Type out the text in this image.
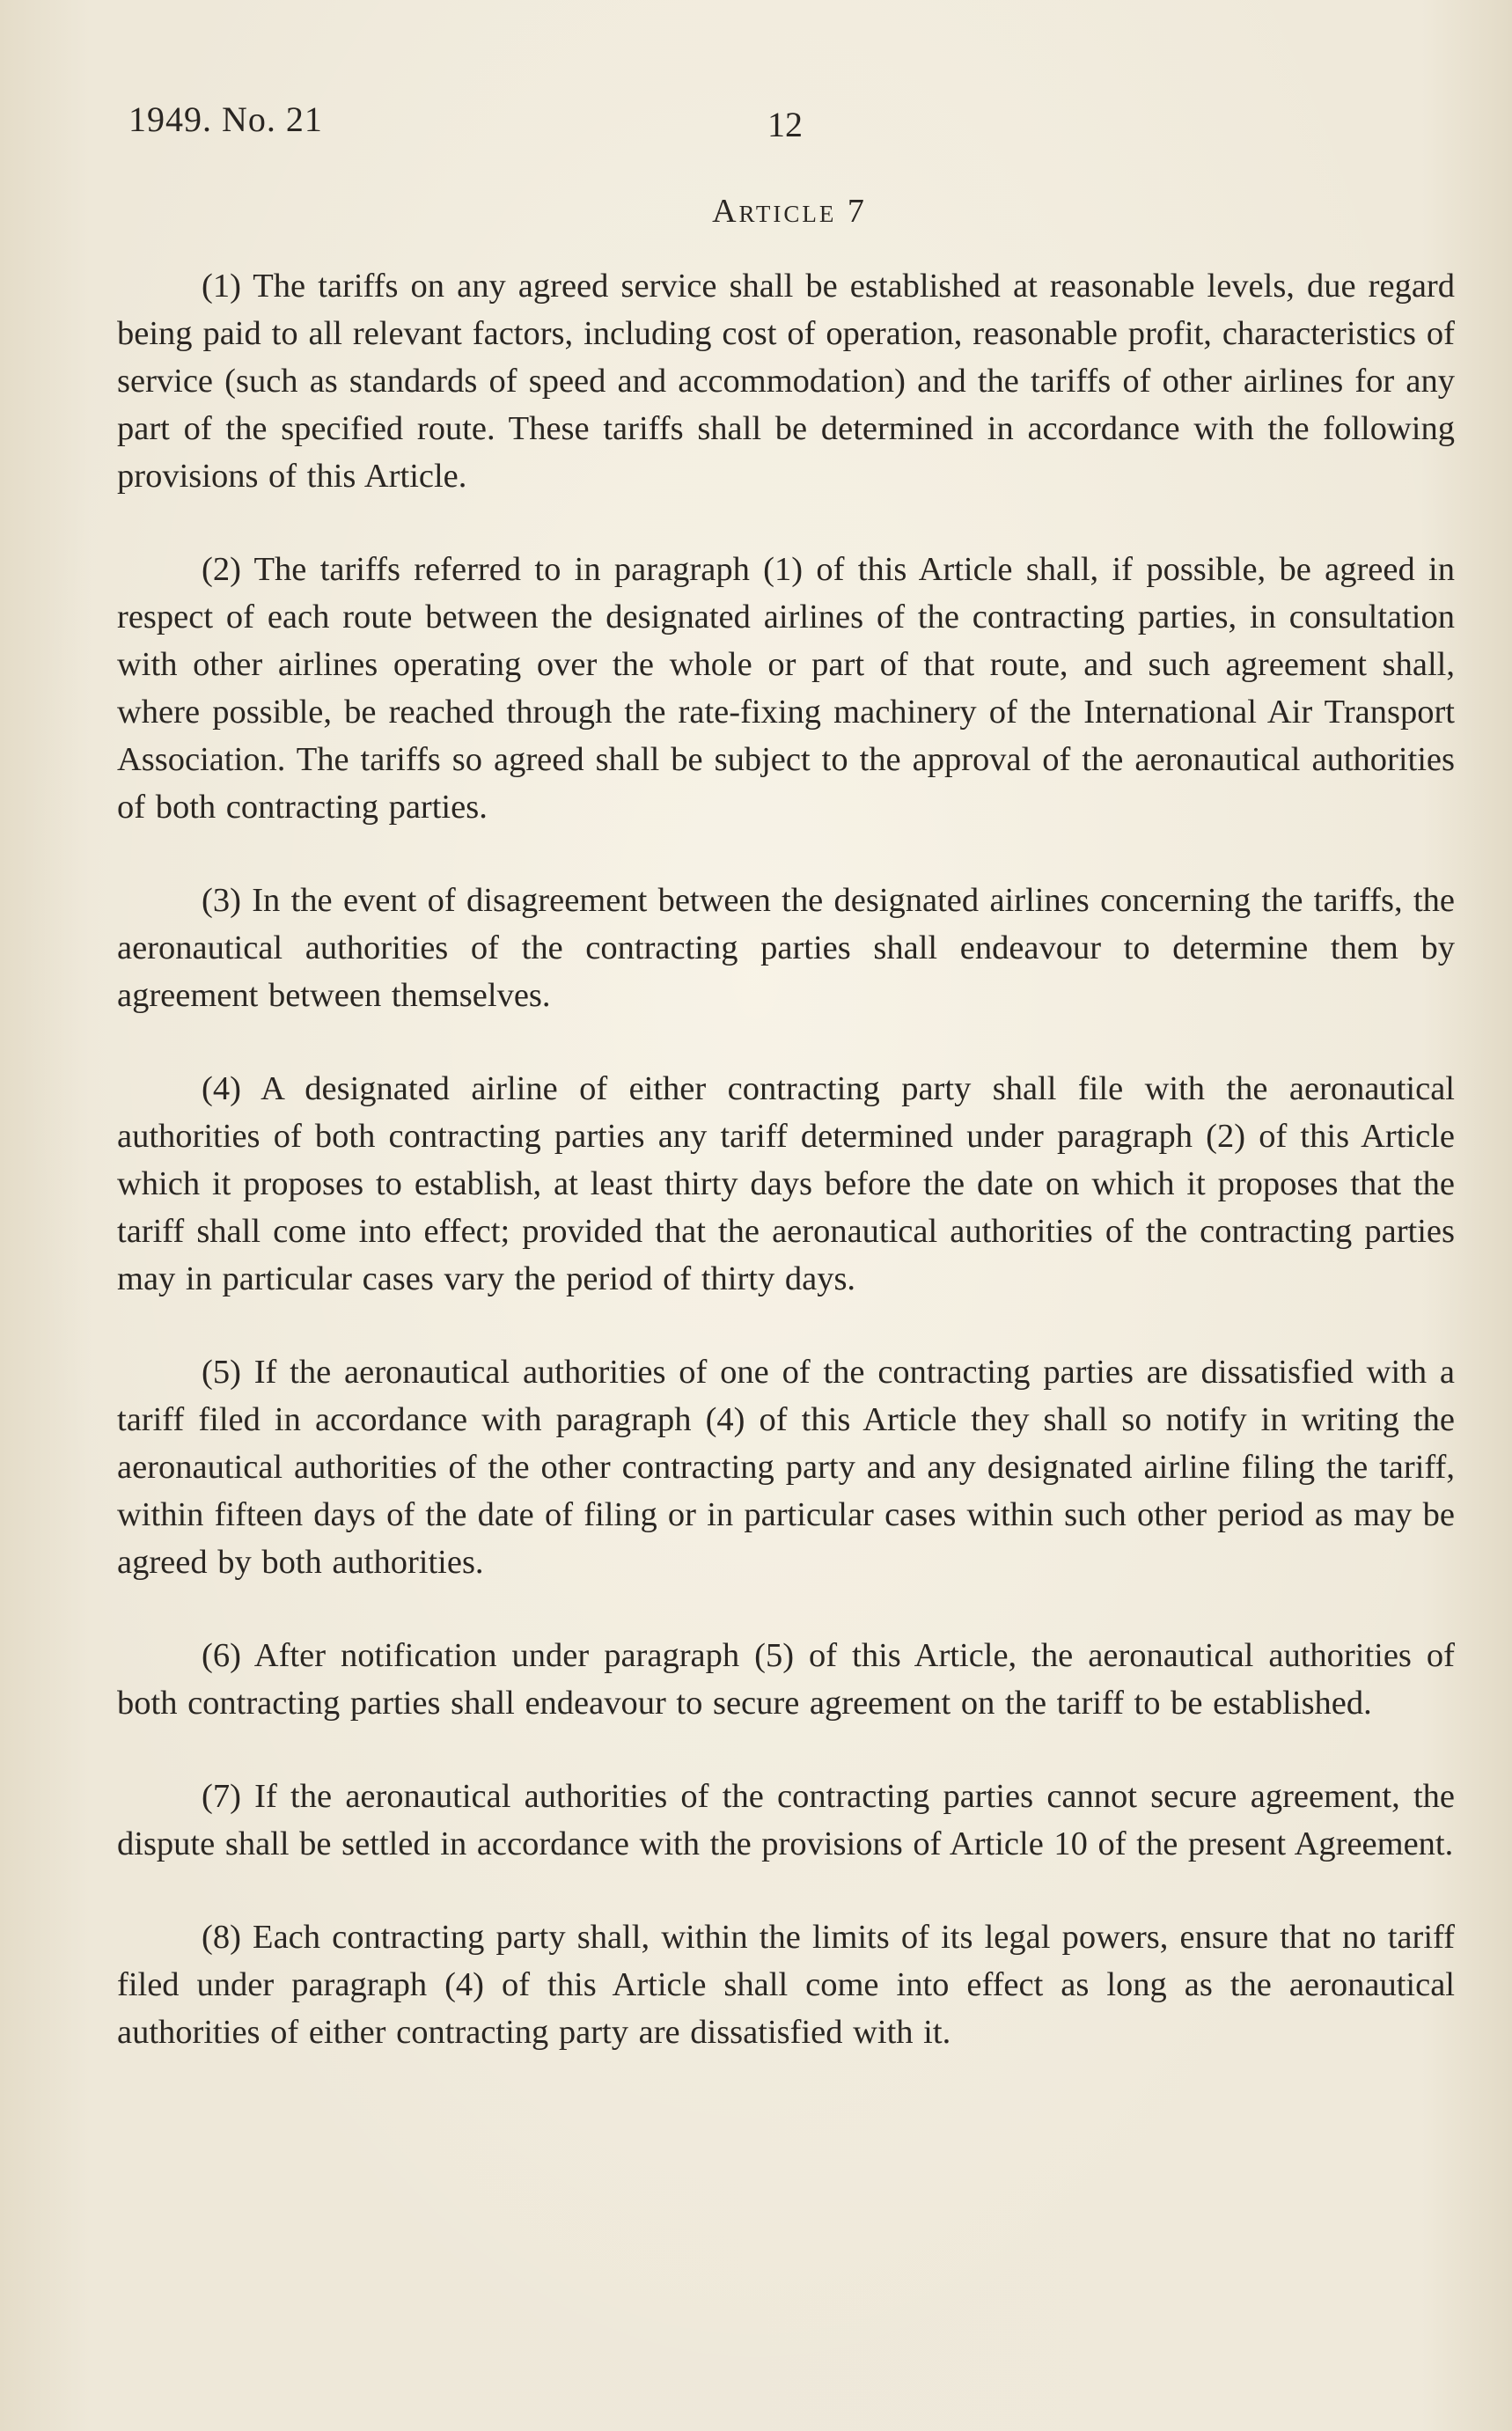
1949. No. 21	12
Article 7

(1) The tariffs on any agreed service shall be established at reasonable levels, due regard being paid to all relevant factors, including cost of operation, reasonable profit, characteristics of service (such as standards of speed and accommodation) and the tariffs of other airlines for any part of the specified route. These tariffs shall be determined in accordance with the following provisions of this Article.

(2) The tariffs referred to in paragraph (1) of this Article shall, if possible, be agreed in respect of each route between the designated airlines of the contracting parties, in consultation with other airlines operating over the whole or part of that route, and such agreement shall, where possible, be reached through the rate-fixing machinery of the International Air Transport Association. The tariffs so agreed shall be subject to the approval of the aeronautical authorities of both contracting parties.

(3) In the event of disagreement between the designated airlines concerning the tariffs, the aeronautical authorities of the contracting parties shall endeavour to determine them by agreement between themselves.

(4) A designated airline of either contracting party shall file with the aeronautical authorities of both contracting parties any tariff determined under paragraph (2) of this Article which it proposes to establish, at least thirty days before the date on which it proposes that the tariff shall come into effect; provided that the aeronautical authorities of the contracting parties may in particular cases vary the period of thirty days.

(5) If the aeronautical authorities of one of the contracting parties are dissatisfied with a tariff filed in accordance with paragraph (4) of this Article they shall so notify in writing the aeronautical authorities of the other contracting party and any designated airline filing the tariff, within fifteen days of the date of filing or in particular cases within such other period as may be agreed by both authorities.

(6) After notification under paragraph (5) of this Article, the aeronautical authorities of both contracting parties shall endeavour to secure agreement on the tariff to be established.

(7) If the aeronautical authorities of the contracting parties cannot secure agreement, the dispute shall be settled in accordance with the provisions of Article 10 of the present Agreement.

(8) Each contracting party shall, within the limits of its legal powers, ensure that no tariff filed under paragraph (4) of this Article shall come into effect as long as the aeronautical authorities of either contracting party are dissatisfied with it.
